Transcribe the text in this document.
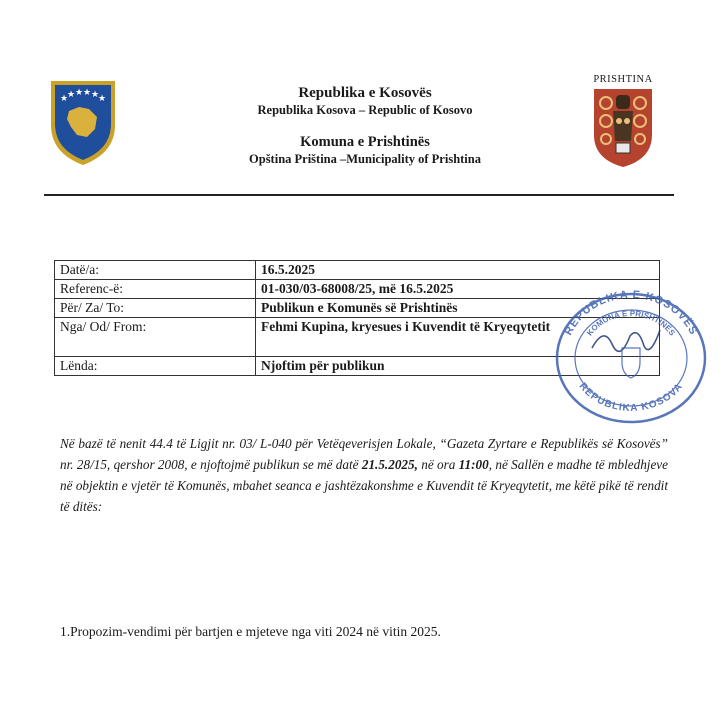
★
★ ★ ★ ★
★	Republika e Kosovës
Republika Kosova – Republic of Kosovo
Komuna e Prishtinës
Opština Priština –Municipality of Prishtina
PRISHTINA
Datë/a:	16.5.2025
Referenc-ë:	01-030/03-68008/25, më 16.5.2025
Për/ Za/ To:	Publikun e Komunës së Prishtinës
Nga/ Od/ From:	Fehmi Kupina, kryesues i Kuvendit të Kryeqytetit
Lënda:	Njoftim për publikun
REPUBLIKA E KOSOVËS
KOMUNA E PRISHTINËS
REPUBLIKA KOSOVA
Në bazë të nenit 44.4 të Ligjit nr. 03/ L-040 për Vetëqeverisjen Lokale, “Gazeta Zyrtare e Republikës së Kosovës” nr. 28/15, qershor 2008, e njoftojmë publikun se më datë 21.5.2025, në ora 11:00, në Sallën e madhe të mbledhjeve në objektin e vjetër të Komunës, mbahet seanca e jashtëzakonshme e Kuvendit të Kryeqytetit, me këtë pikë të rendit të ditës:
1.Propozim-vendimi për bartjen e mjeteve nga viti 2024 në vitin 2025.
